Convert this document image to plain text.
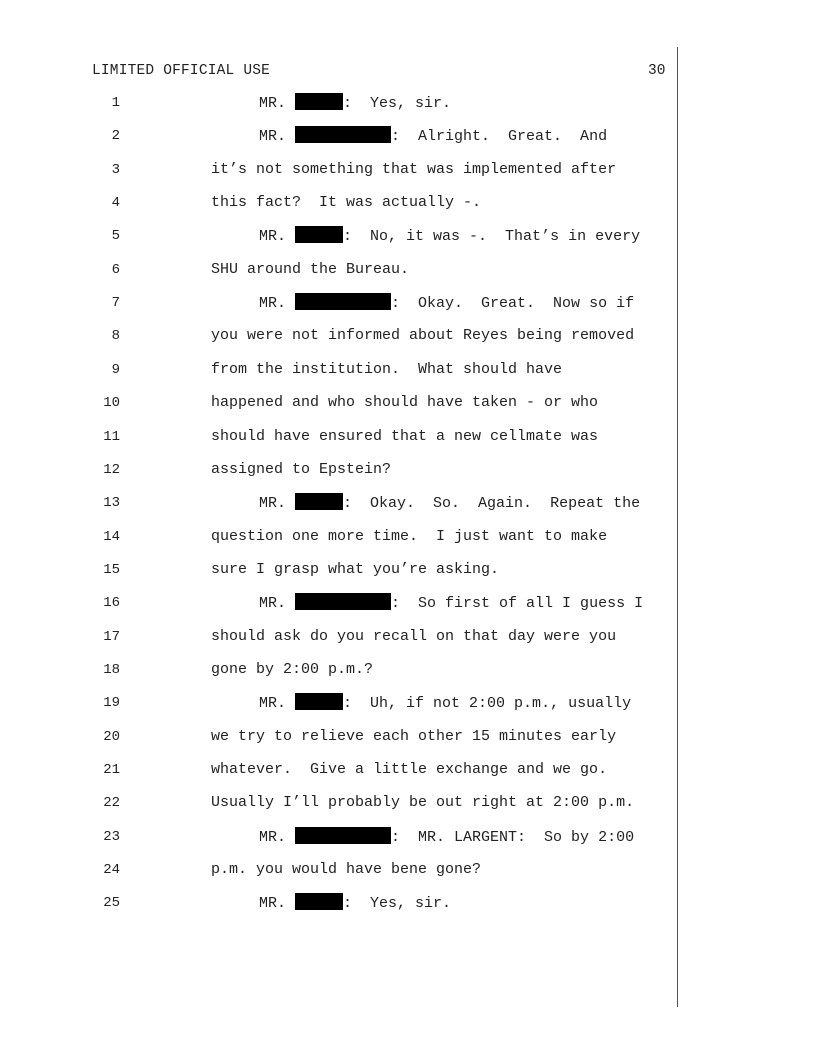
LIMITED OFFICIAL USE	30
1	MR.	:  Yes, sir.
2	MR.	:  Alright.  Great.  And
3	it’s not something that was implemented after
4	this fact?  It was actually -.
5	MR.	:  No, it was -.  That’s in every
6	SHU around the Bureau.
7	MR.	:  Okay.  Great.  Now so if
8	you were not informed about Reyes being removed
9	from the institution.  What should have
10	happened and who should have taken - or who
11	should have ensured that a new cellmate was
12	assigned to Epstein?
13	MR.	:  Okay.  So.  Again.  Repeat the
14	question one more time.  I just want to make
15	sure I grasp what you’re asking.
16	MR.	:  So first of all I guess I
17	should ask do you recall on that day were you
18	gone by 2:00 p.m.?
19	MR.	:  Uh, if not 2:00 p.m., usually
20	we try to relieve each other 15 minutes early
21	whatever.  Give a little exchange and we go.
22	Usually I’ll probably be out right at 2:00 p.m.
23	MR.	:  MR. LARGENT:  So by 2:00
24	p.m. you would have bene gone?
25	MR.	:  Yes, sir.
